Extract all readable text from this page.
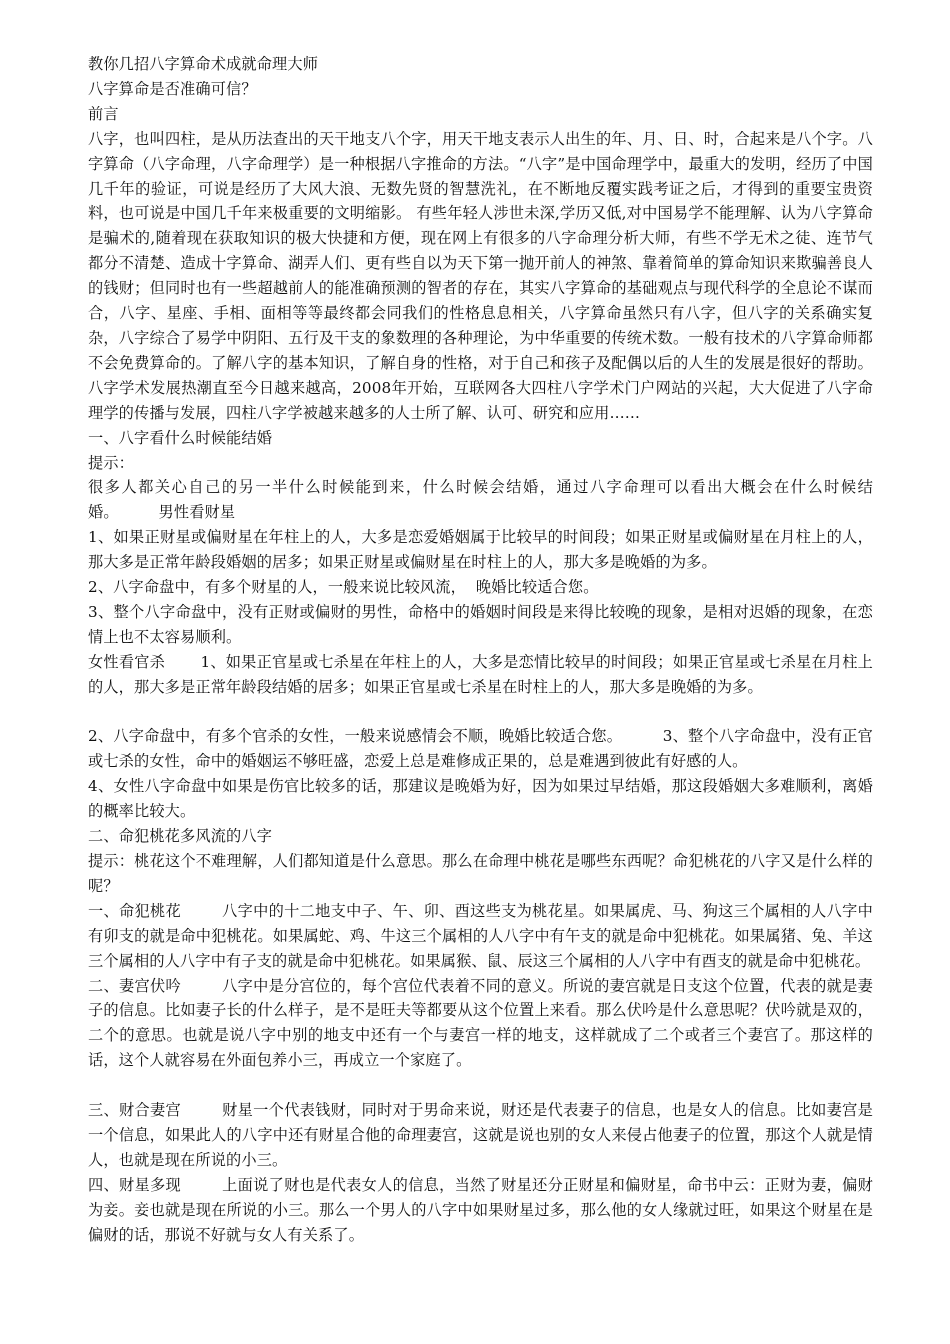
教你几招八字算命术成就命理大师

八字算命是否准确可信？

前言

八字，也叫四柱，是从历法查出的天干地支八个字，用天干地支表示人出生的年、月、日、时，合起来是八个字。八字算命（八字命理，八字命理学）是一种根据八字推命的方法。“八字”是中国命理学中，最重大的发明，经历了中国几千年的验证，可说是经历了大风大浪、无数先贤的智慧洗礼，在不断地反覆实践考证之后，才得到的重要宝贵资料，也可说是中国几千年来极重要的文明缩影。 有些年轻人涉世未深,学历又低,对中国易学不能理解、认为八字算命是骗术的,随着现在获取知识的极大快捷和方便，现在网上有很多的八字命理分析大师，有些不学无术之徒、连节气都分不清楚、造成十字算命、湖弄人们、更有些自以为天下第一抛开前人的神煞、靠着简单的算命知识来欺骗善良人的钱财；但同时也有一些超越前人的能准确预测的智者的存在，其实八字算命的基础观点与现代科学的全息论不谋而合，八字、星座、手相、面相等等最终都会同我们的性格息息相关，八字算命虽然只有八字，但八字的关系确实复杂，八字综合了易学中阴阳、五行及干支的象数理的各种理论，为中华重要的传统术数。一般有技术的八字算命师都不会免费算命的。了解八字的基本知识，了解自身的性格，对于自己和孩子及配偶以后的人生的发展是很好的帮助。      八字学术发展热潮直至今日越来越高，2008年开始，互联网各大四柱八字学术门户网站的兴起，大大促进了八字命理学的传播与发展，四柱八字学被越来越多的人士所了解、认可、研究和应用……

一、八字看什么时候能结婚

提示：

很多人都关心自己的另一半什么时候能到来，什么时候会结婚，通过八字命理可以看出大概会在什么时候结婚。	男性看财星

1、如果正财星或偏财星在年柱上的人，大多是恋爱婚姻属于比较早的时间段；如果正财星或偏财星在月柱上的人，那大多是正常年龄段婚姻的居多；如果正财星或偏财星在时柱上的人，那大多是晚婚的为多。

2、八字命盘中，有多个财星的人，一般来说比较风流，  晚婚比较适合您。

3、整个八字命盘中，没有正财或偏财的男性，命格中的婚姻时间段是来得比较晚的现象，是相对迟婚的现象，在恋情上也不太容易顺利。

女性看官杀 1、如果正官星或七杀星在年柱上的人，大多是恋情比较早的时间段；如果正官星或七杀星在月柱上的人，那大多是正常年龄段结婚的居多；如果正官星或七杀星在时柱上的人，那大多是晚婚的为多。

2、八字命盘中，有多个官杀的女性，一般来说感情会不顺，晚婚比较适合您。	3、整个八字命盘中，没有正官或七杀的女性，命中的婚姻运不够旺盛，恋爱上总是难修成正果的，总是难遇到彼此有好感的人。

4、女性八字命盘中如果是伤官比较多的话，那建议是晚婚为好，因为如果过早结婚，那这段婚姻大多难顺利，离婚的概率比较大。

二、命犯桃花多风流的八字

提示：桃花这个不难理解，人们都知道是什么意思。那么在命理中桃花是哪些东西呢？命犯桃花的八字又是什么样的呢？

一、命犯桃花	八字中的十二地支中子、午、卯、酉这些支为桃花星。如果属虎、马、狗这三个属相的人八字中有卯支的就是命中犯桃花。如果属蛇、鸡、牛这三个属相的人八字中有午支的就是命中犯桃花。如果属猪、兔、羊这三个属相的人八字中有子支的就是命中犯桃花。如果属猴、鼠、辰这三个属相的人八字中有酉支的就是命中犯桃花。

二、妻宫伏吟	八字中是分宫位的，每个宫位代表着不同的意义。所说的妻宫就是日支这个位置，代表的就是妻子的信息。比如妻子长的什么样子，是不是旺夫等都要从这个位置上来看。那么伏吟是什么意思呢？伏吟就是双的，二个的意思。也就是说八字中别的地支中还有一个与妻宫一样的地支，这样就成了二个或者三个妻宫了。那这样的话，这个人就容易在外面包养小三，再成立一个家庭了。

三、财合妻宫	财星一个代表钱财，同时对于男命来说，财还是代表妻子的信息，也是女人的信息。比如妻宫是一个信息，如果此人的八字中还有财星合他的命理妻宫，这就是说也别的女人来侵占他妻子的位置，那这个人就是情人，也就是现在所说的小三。

四、财星多现	上面说了财也是代表女人的信息，当然了财星还分正财星和偏财星，命书中云：正财为妻，偏财为妾。妾也就是现在所说的小三。那么一个男人的八字中如果财星过多，那么他的女人缘就过旺，如果这个财星在是偏财的话，那说不好就与女人有关系了。
